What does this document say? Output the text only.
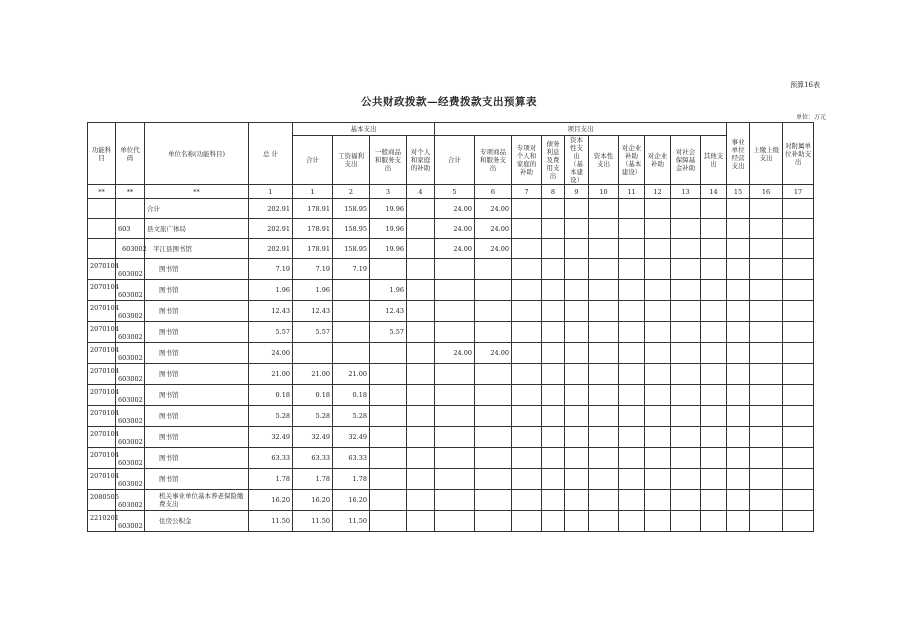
预算16表
公共财政拨款—经费拨款支出预算表
单位：万元
功能科目	单位代码	单位名称(功能科目)	总 计	基本支出				项目支出										事业单位经营支出	上缴上级支出	对附属单位补助支出
				合计	工资福利支出	一般商品和服务支出	对个人和家庭的补助	合计	专项商品和服务支出	专项对个人和家庭的补助	债务利息及费用支出	资本性支出（基本建设）	资本性支出	对企业补助（基本建设）	对企业补助	对社会保障基金补助	其他支出			
**	**	**	1	1	2	3	4	5	6	7	8	9	10	11	12	13	14	15	16	17
		合计	202.91	178.91	158.95	19.96		24.00	24.00											
	603	县文旅广体局	202.91	178.91	158.95	19.96		24.00	24.00											
	603002	平江县图书馆	202.91	178.91	158.95	19.96		24.00	24.00											
2070104	603002	图书馆	7.19	7.19	7.19															
2070104	603002	图书馆	1.96	1.96		1.96														
2070104	603002	图书馆	12.43	12.43		12.43														
2070104	603002	图书馆	5.57	5.57		5.57														
2070104	603002	图书馆	24.00					24.00	24.00											
2070104	603002	图书馆	21.00	21.00	21.00															
2070104	603002	图书馆	0.18	0.18	0.18															
2070104	603002	图书馆	5.28	5.28	5.28															
2070104	603002	图书馆	32.49	32.49	32.49															
2070104	603002	图书馆	63.33	63.33	63.33															
2070104	603002	图书馆	1.78	1.78	1.78															
2080505	603002	机关事业单位基本养老保险缴费支出	16.20	16.20	16.20															
2210201	603002	住房公积金	11.50	11.50	11.50															
